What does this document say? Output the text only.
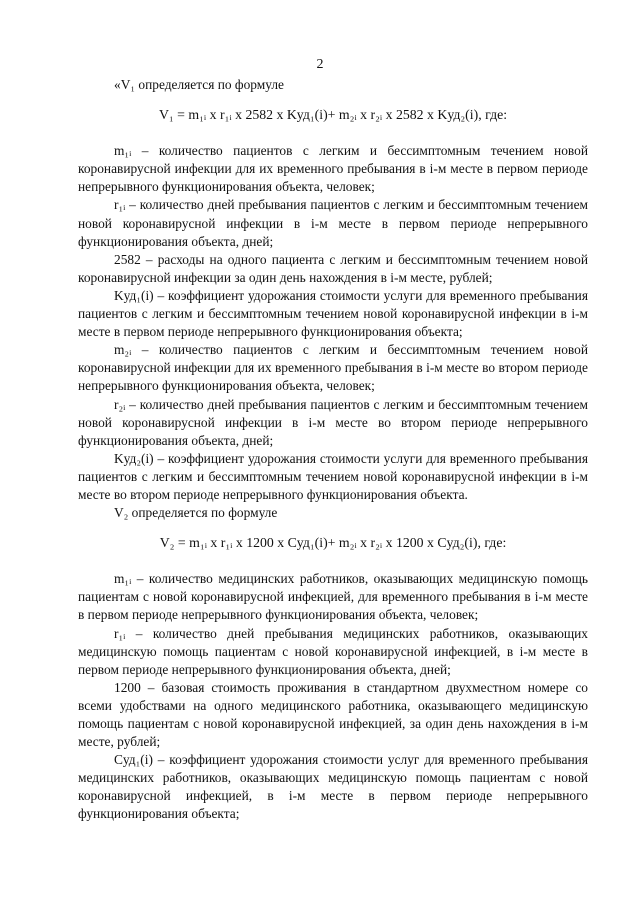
2

«V₁ определяется по формуле

V₁ = m₁ᵢ x r₁ᵢ x 2582 x Kуд₁(i)+ m₂ᵢ x r₂ᵢ x 2582 x Kуд₂(i), где:

m₁ᵢ – количество пациентов с легким и бессимптомным течением новой коронавирусной инфекции для их временного пребывания в i-м месте в первом периоде непрерывного функционирования объекта, человек;

r₁ᵢ – количество дней пребывания пациентов с легким и бессимптомным течением новой коронавирусной инфекции в i-м месте в первом периоде непрерывного функционирования объекта, дней;

2582 – расходы на одного пациента с легким и бессимптомным течением новой коронавирусной инфекции за один день нахождения в i-м месте, рублей;

Kуд₁(i) – коэффициент удорожания стоимости услуги для временного пребывания пациентов с легким и бессимптомным течением новой коронавирусной инфекции в i-м месте в первом периоде непрерывного функционирования объекта;

m₂ᵢ – количество пациентов с легким и бессимптомным течением новой коронавирусной инфекции для их временного пребывания в i-м месте во втором периоде непрерывного функционирования объекта, человек;

r₂ᵢ – количество дней пребывания пациентов с легким и бессимптомным течением новой коронавирусной инфекции в i-м месте во втором периоде непрерывного функционирования объекта, дней;

Kуд₂(i) – коэффициент удорожания стоимости услуги для временного пребывания пациентов с легким и бессимптомным течением новой коронавирусной инфекции в i-м месте во втором периоде непрерывного функционирования объекта.

V₂ определяется по формуле

V₂ = m₁ᵢ x r₁ᵢ x 1200 x Cуд₁(i)+ m₂ᵢ x r₂ᵢ x 1200 x Cуд₂(i), где:

m₁ᵢ – количество медицинских работников, оказывающих медицинскую помощь пациентам с новой коронавирусной инфекцией, для временного пребывания в i-м месте в первом периоде непрерывного функционирования объекта, человек;

r₁ᵢ – количество дней пребывания медицинских работников, оказывающих медицинскую помощь пациентам с новой коронавирусной инфекцией, в i-м месте в первом периоде непрерывного функционирования объекта, дней;

1200 – базовая стоимость проживания в стандартном двухместном номере со всеми удобствами на одного медицинского работника, оказывающего медицинскую помощь пациентам с новой коронавирусной инфекцией, за один день нахождения в i-м месте, рублей;

Cуд₁(i) – коэффициент удорожания стоимости услуг для временного пребывания медицинских работников, оказывающих медицинскую помощь пациентам с новой коронавирусной инфекцией, в i-м месте в первом периоде непрерывного функционирования объекта;
